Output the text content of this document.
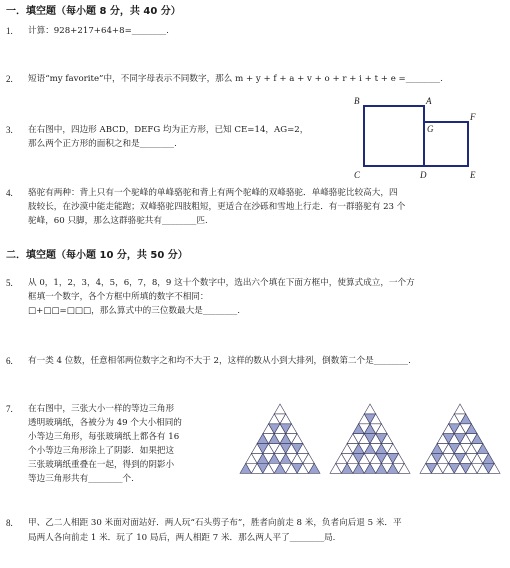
一．填空题（每小题 8 分，共 40 分）
二．填空题（每小题 10 分，共 50 分）
1. 计算：928+217+64+8=________.
2. 短语“my favorite”中，不同字母表示不同数字，那么 m + y + f + a + v + o + r + i + t + e =________.
3. 在右图中，四边形 ABCD，DEFG 均为正方形，已知 CE=14，AG=2，
那么两个正方形的面积之和是________.
B	A
F
G
C	D	E
4. 骆驼有两种：背上只有一个驼峰的单峰骆驼和背上有两个驼峰的双峰骆驼．单峰骆驼比较高大，四
肢较长，在沙漠中能走能跑；双峰骆驼四肢粗短，更适合在沙砾和雪地上行走．有一群骆驼有 23 个
驼峰，60 只脚，那么这群骆驼共有________匹.
5. 从 0，1，2，3，4，5，6，7，8，9 这十个数字中，选出六个填在下面方框中，使算式成立，一个方
框填一个数字，各个方框中所填的数字不相同：
□+□□=□□□，那么算式中的三位数最大是________.
6. 有一类 4 位数，任意相邻两位数字之和均不大于 2，这样的数从小到大排列，倒数第二个是________.
7. 在右图中，三张大小一样的等边三角形
透明玻璃纸，各被分为 49 个大小相同的
小等边三角形，每张玻璃纸上都各有 16
个小等边三角形涂上了阴影．如果把这
三张玻璃纸重叠在一起，得到的阴影小
等边三角形共有________个.
8. 甲、乙二人相距 30 米面对面站好．两人玩“石头剪子布”，胜者向前走 8 米，负者向后退 5 米．平
局两人各向前走 1 米．玩了 10 局后，两人相距 7 米．那么两人平了________局.
